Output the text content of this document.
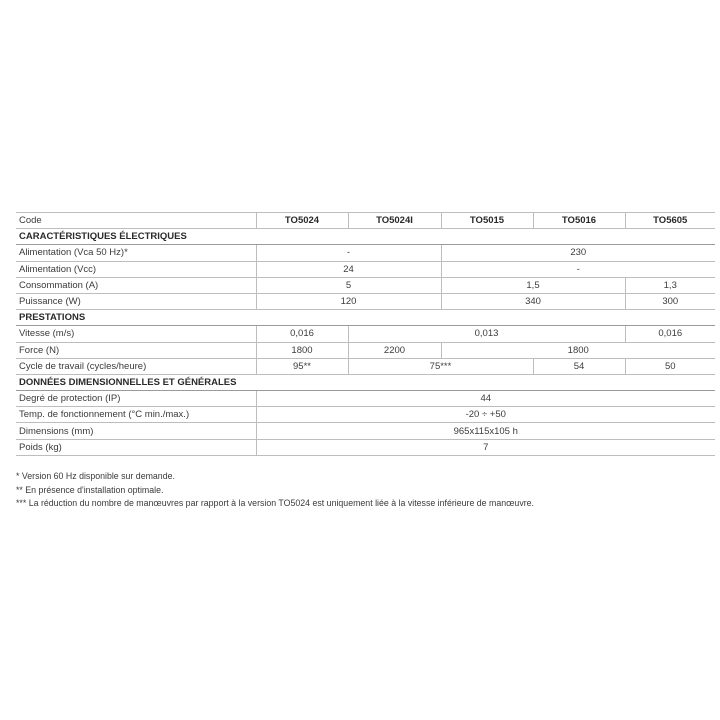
Code	TO5024	TO5024I	TO5015	TO5016	TO5605
CARACTÉRISTIQUES ÉLECTRIQUES					
Alimentation (Vca 50 Hz)*	-		230		
Alimentation (Vcc)	24		-		
Consommation (A)	5		1,5		1,3
Puissance (W)	120		340		300
PRESTATIONS					
Vitesse (m/s)	0,016	0,013			0,016
Force (N)	1800	2200	1800		
Cycle de travail (cycles/heure)	95**	75***		54	50
DONNÉES DIMENSIONNELLES ET GÉNÉRALES					
Degré de protection (IP)	44				
Temp. de fonctionnement (°C min./max.)	-20 ÷ +50				
Dimensions (mm)	965x115x105 h				
Poids (kg)	7				
* Version 60 Hz disponible sur demande.
** En présence d'installation optimale.
*** La réduction du nombre de manœuvres par rapport à la version TO5024 est uniquement liée à la vitesse inférieure de manœuvre.
